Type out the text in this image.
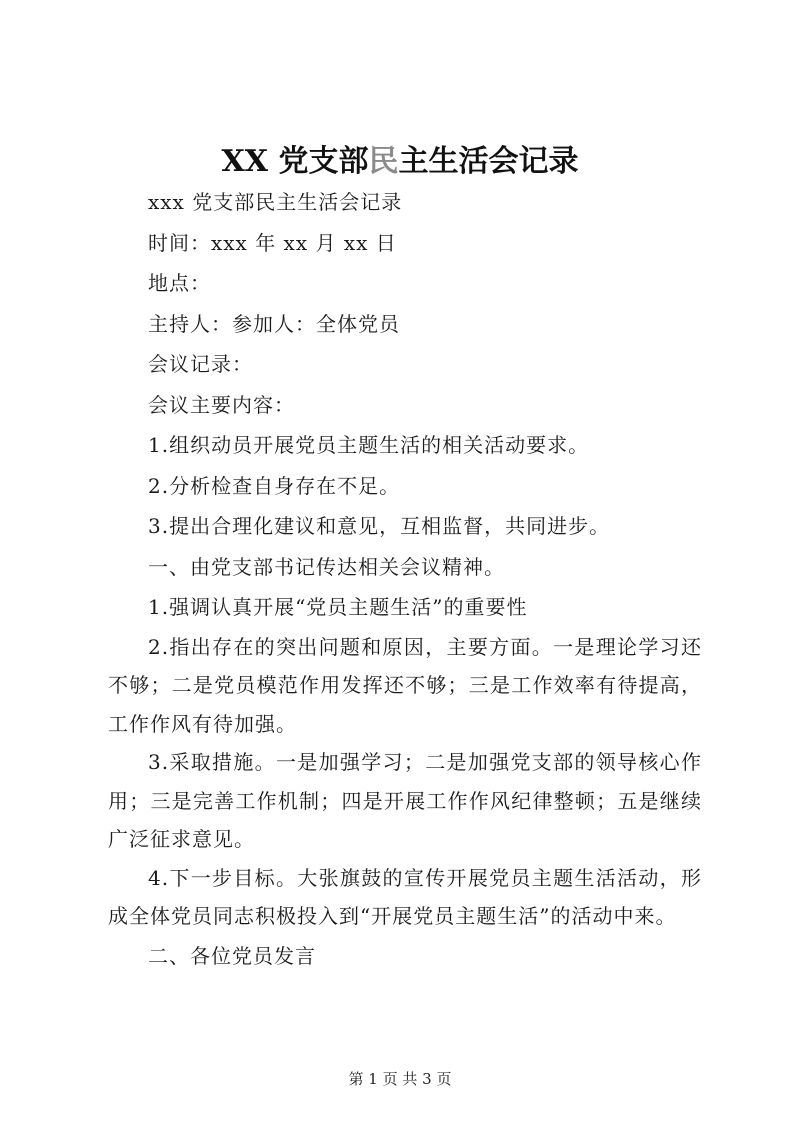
XX 党支部民主生活会记录

xxx 党支部民主生活会记录

时间：xxx 年 xx 月 xx 日

地点：

主持人：参加人：全体党员

会议记录：

会议主要内容：

1.组织动员开展党员主题生活的相关活动要求。

2.分析检查自身存在不足。

3.提出合理化建议和意见，互相监督，共同进步。

一、由党支部书记传达相关会议精神。

1.强调认真开展“党员主题生活”的重要性

2.指出存在的突出问题和原因，主要方面。一是理论学习还不够；二是党员模范作用发挥还不够；三是工作效率有待提高，工作作风有待加强。

3.采取措施。一是加强学习；二是加强党支部的领导核心作用；三是完善工作机制；四是开展工作作风纪律整顿；五是继续广泛征求意见。

4.下一步目标。大张旗鼓的宣传开展党员主题生活活动，形成全体党员同志积极投入到“开展党员主题生活”的活动中来。

二、各位党员发言

第 1 页 共 3 页
